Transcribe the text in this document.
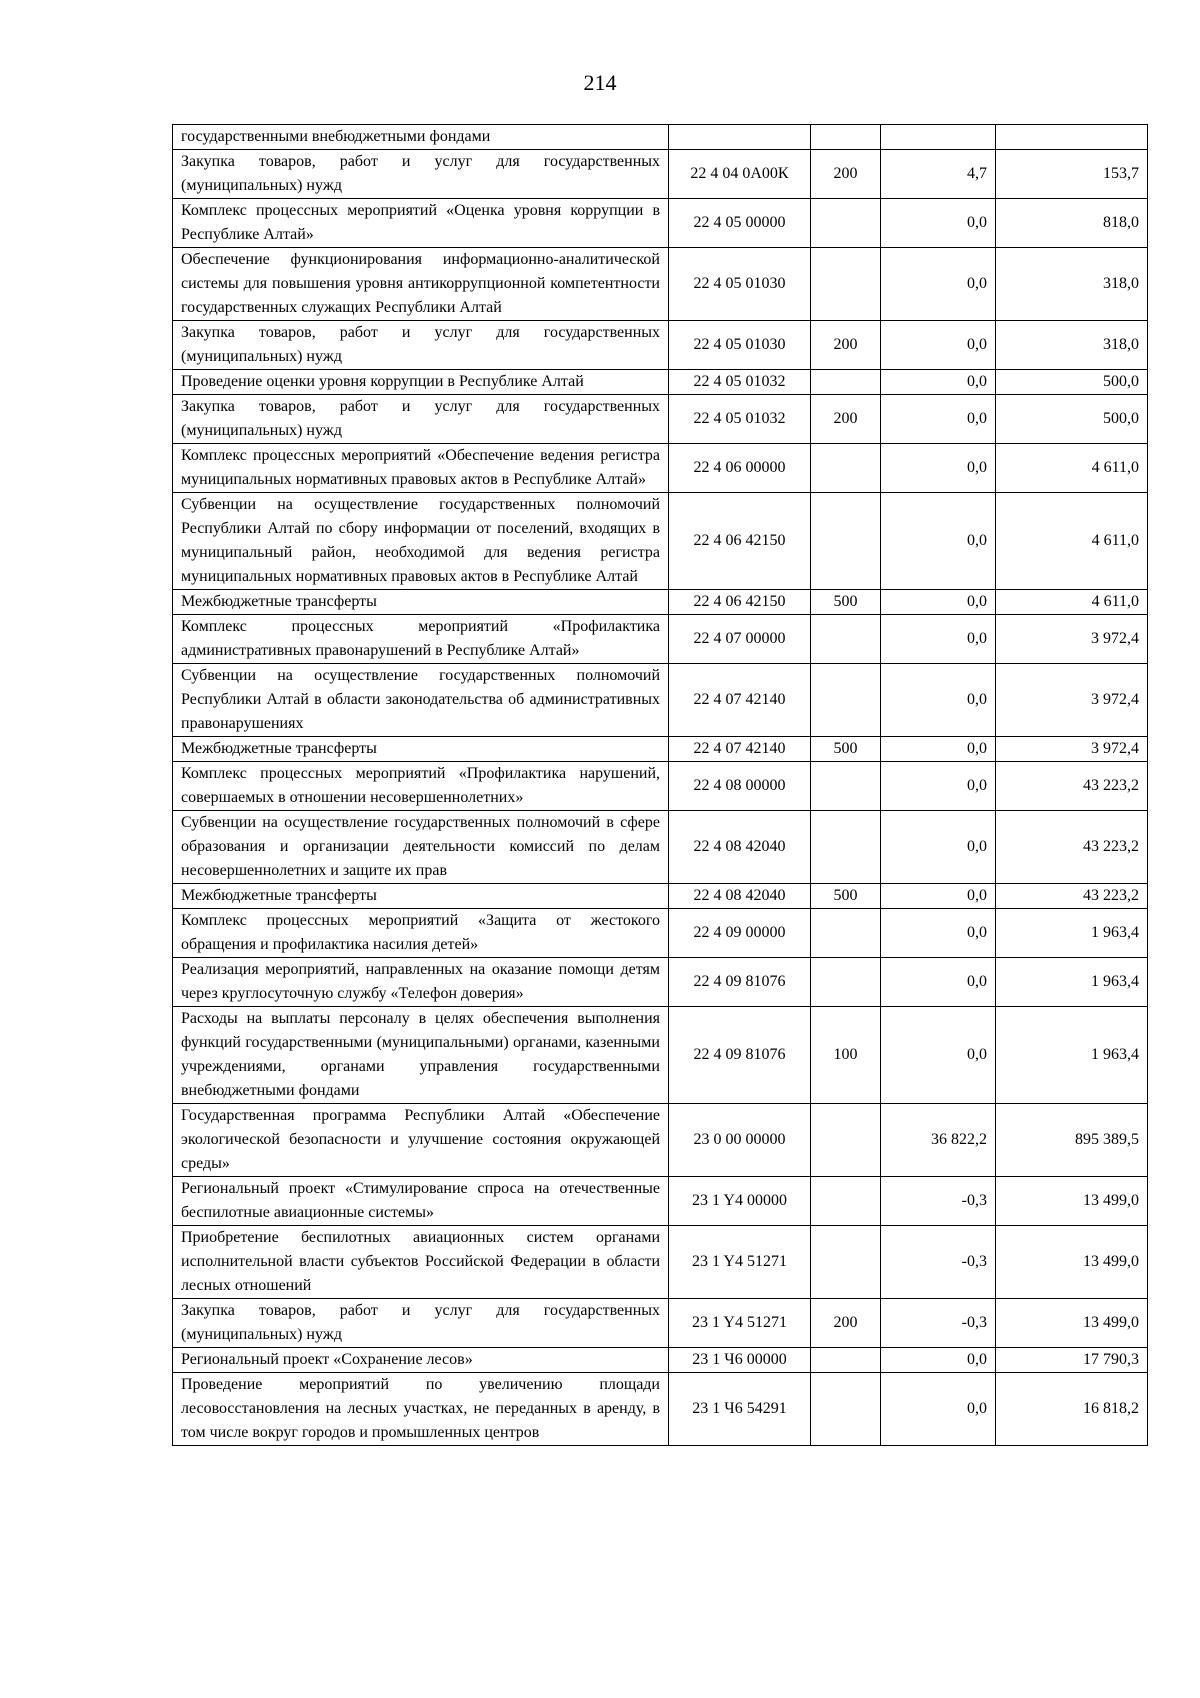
214
государственными внебюджетными фондами				
Закупка товаров, работ и услуг для государственных (муниципальных) нужд	22 4 04 0А00К	200	4,7	153,7
Комплекс процессных мероприятий «Оценка уровня коррупции в Республике Алтай»	22 4 05 00000		0,0	818,0
Обеспечение функционирования информационно-аналитической системы для повышения уровня антикоррупционной компетентности государственных служащих Республики Алтай	22 4 05 01030		0,0	318,0
Закупка товаров, работ и услуг для государственных (муниципальных) нужд	22 4 05 01030	200	0,0	318,0
Проведение оценки уровня коррупции в Республике Алтай	22 4 05 01032		0,0	500,0
Закупка товаров, работ и услуг для государственных (муниципальных) нужд	22 4 05 01032	200	0,0	500,0
Комплекс процессных мероприятий «Обеспечение ведения регистра муниципальных нормативных правовых актов в Республике Алтай»	22 4 06 00000		0,0	4 611,0
Субвенции на осуществление государственных полномочий Республики Алтай по сбору информации от поселений, входящих в муниципальный район, необходимой для ведения регистра муниципальных нормативных правовых актов в Республике Алтай	22 4 06 42150		0,0	4 611,0
Межбюджетные трансферты	22 4 06 42150	500	0,0	4 611,0
Комплекс процессных мероприятий «Профилактика административных правонарушений в Республике Алтай»	22 4 07 00000		0,0	3 972,4
Субвенции на осуществление государственных полномочий Республики Алтай в области законодательства об административных правонарушениях	22 4 07 42140		0,0	3 972,4
Межбюджетные трансферты	22 4 07 42140	500	0,0	3 972,4
Комплекс процессных мероприятий «Профилактика нарушений, совершаемых в отношении несовершеннолетних»	22 4 08 00000		0,0	43 223,2
Субвенции на осуществление государственных полномочий в сфере образования и организации деятельности комиссий по делам несовершеннолетних и защите их прав	22 4 08 42040		0,0	43 223,2
Межбюджетные трансферты	22 4 08 42040	500	0,0	43 223,2
Комплекс процессных мероприятий «Защита от жестокого обращения и профилактика насилия детей»	22 4 09 00000		0,0	1 963,4
Реализация мероприятий, направленных на оказание помощи детям через круглосуточную службу «Телефон доверия»	22 4 09 81076		0,0	1 963,4
Расходы на выплаты персоналу в целях обеспечения выполнения функций государственными (муниципальными) органами, казенными учреждениями, органами управления государственными внебюджетными фондами	22 4 09 81076	100	0,0	1 963,4
Государственная программа Республики Алтай «Обеспечение экологической безопасности и улучшение состояния окружающей среды»	23 0 00 00000		36 822,2	895 389,5
Региональный проект «Стимулирование спроса на отечественные беспилотные авиационные системы»	23 1 Y4 00000		-0,3	13 499,0
Приобретение беспилотных авиационных систем органами исполнительной власти субъектов Российской Федерации в области лесных отношений	23 1 Y4 51271		-0,3	13 499,0
Закупка товаров, работ и услуг для государственных (муниципальных) нужд	23 1 Y4 51271	200	-0,3	13 499,0
Региональный проект «Сохранение лесов»	23 1 Ч6 00000		0,0	17 790,3
Проведение мероприятий по увеличению площади лесовосстановления на лесных участках, не переданных в аренду, в том числе вокруг городов и промышленных центров	23 1 Ч6 54291		0,0	16 818,2
